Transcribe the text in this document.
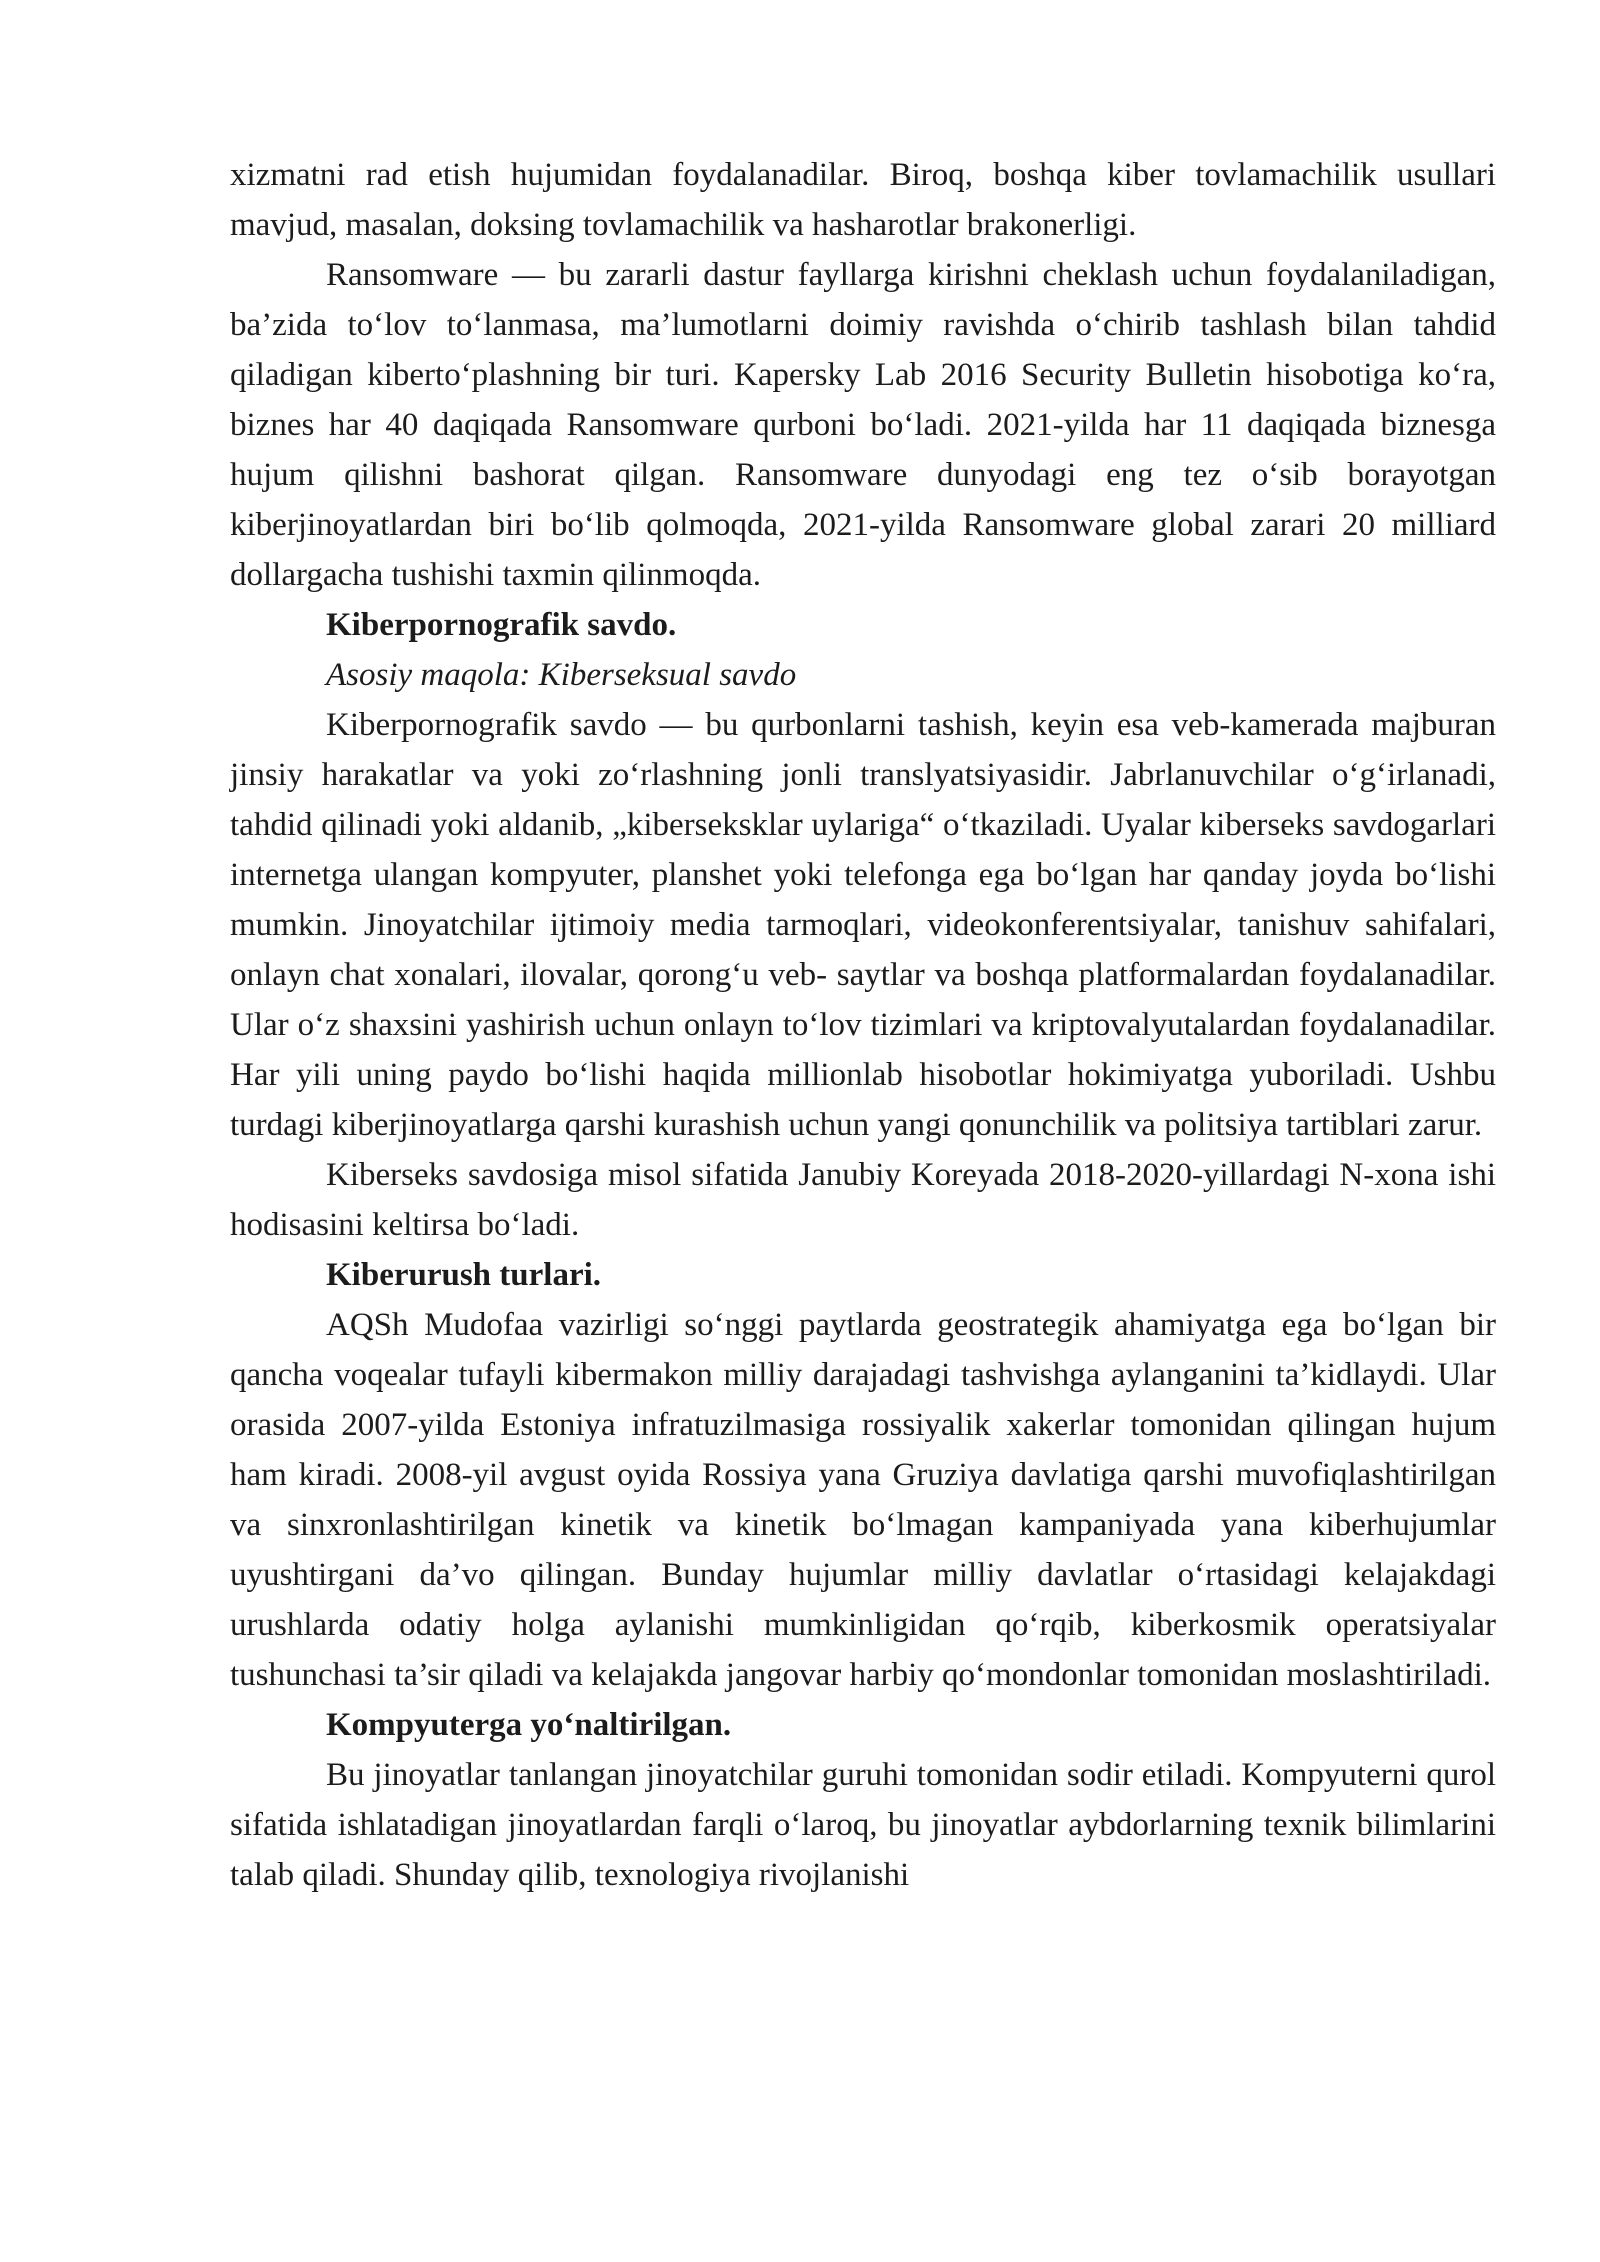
xizmatni rad etish hujumidan foydalanadilar. Biroq, boshqa kiber tovlamachilik usullari mavjud, masalan, doksing tovlamachilik va hasharotlar brakonerligi.

Ransomware — bu zararli dastur fayllarga kirishni cheklash uchun foydalaniladigan, ba’zida to‘lov to‘lanmasa, ma’lumotlarni doimiy ravishda o‘chirib tashlash bilan tahdid qiladigan kiberto‘plashning bir turi. Kapersky Lab 2016 Security Bulletin hisobotiga ko‘ra, biznes har 40 daqiqada Ransomware qurboni bo‘ladi. 2021-yilda har 11 daqiqada biznesga hujum qilishni bashorat qilgan. Ransomware dunyodagi eng tez o‘sib borayotgan kiberjinoyatlardan biri bo‘lib qolmoqda, 2021-yilda Ransomware global zarari 20 milliard dollargacha tushishi taxmin qilinmoqda.

Kiberpornografik savdo.

Asosiy maqola: Kiberseksual savdo

Kiberpornografik savdo — bu qurbonlarni tashish, keyin esa veb-kamerada majburan jinsiy harakatlar va yoki zo‘rlashning jonli translyatsiyasidir. Jabrlanuvchilar o‘g‘irlanadi, tahdid qilinadi yoki aldanib, „kiberseksklar uylariga“ o‘tkaziladi. Uyalar kiberseks savdogarlari internetga ulangan kompyuter, planshet yoki telefonga ega bo‘lgan har qanday joyda bo‘lishi mumkin. Jinoyatchilar ijtimoiy media tarmoqlari, videokonferentsiyalar, tanishuv sahifalari, onlayn chat xonalari, ilovalar, qorong‘u veb- saytlar va boshqa platformalardan foydalanadilar. Ular o‘z shaxsini yashirish uchun onlayn to‘lov tizimlari va kriptovalyutalardan foydalanadilar. Har yili uning paydo bo‘lishi haqida millionlab hisobotlar hokimiyatga yuboriladi. Ushbu turdagi kiberjinoyatlarga qarshi kurashish uchun yangi qonunchilik va politsiya tartiblari zarur.

Kiberseks savdosiga misol sifatida Janubiy Koreyada 2018-2020-yillardagi N-xona ishi hodisasini keltirsa bo‘ladi.

Kiberurush turlari.

AQSh Mudofaa vazirligi so‘nggi paytlarda geostrategik ahamiyatga ega bo‘lgan bir qancha voqealar tufayli kibermakon milliy darajadagi tashvishga aylanganini ta’kidlaydi. Ular orasida 2007-yilda Estoniya infratuzilmasiga rossiyalik xakerlar tomonidan qilingan hujum ham kiradi. 2008-yil avgust oyida Rossiya yana Gruziya davlatiga qarshi muvofiqlashtirilgan va sinxronlashtirilgan kinetik va kinetik bo‘lmagan kampaniyada yana kiberhujumlar uyushtirgani da’vo qilingan. Bunday hujumlar milliy davlatlar o‘rtasidagi kelajakdagi urushlarda odatiy holga aylanishi mumkinligidan qo‘rqib, kiberkosmik operatsiyalar tushunchasi ta’sir qiladi va kelajakda jangovar harbiy qo‘mondonlar tomonidan moslashtiriladi.

Kompyuterga yo‘naltirilgan.

Bu jinoyatlar tanlangan jinoyatchilar guruhi tomonidan sodir etiladi. Kompyuterni qurol sifatida ishlatadigan jinoyatlardan farqli o‘laroq, bu jinoyatlar aybdorlarning texnik bilimlarini talab qiladi. Shunday qilib, texnologiya rivojlanishi
